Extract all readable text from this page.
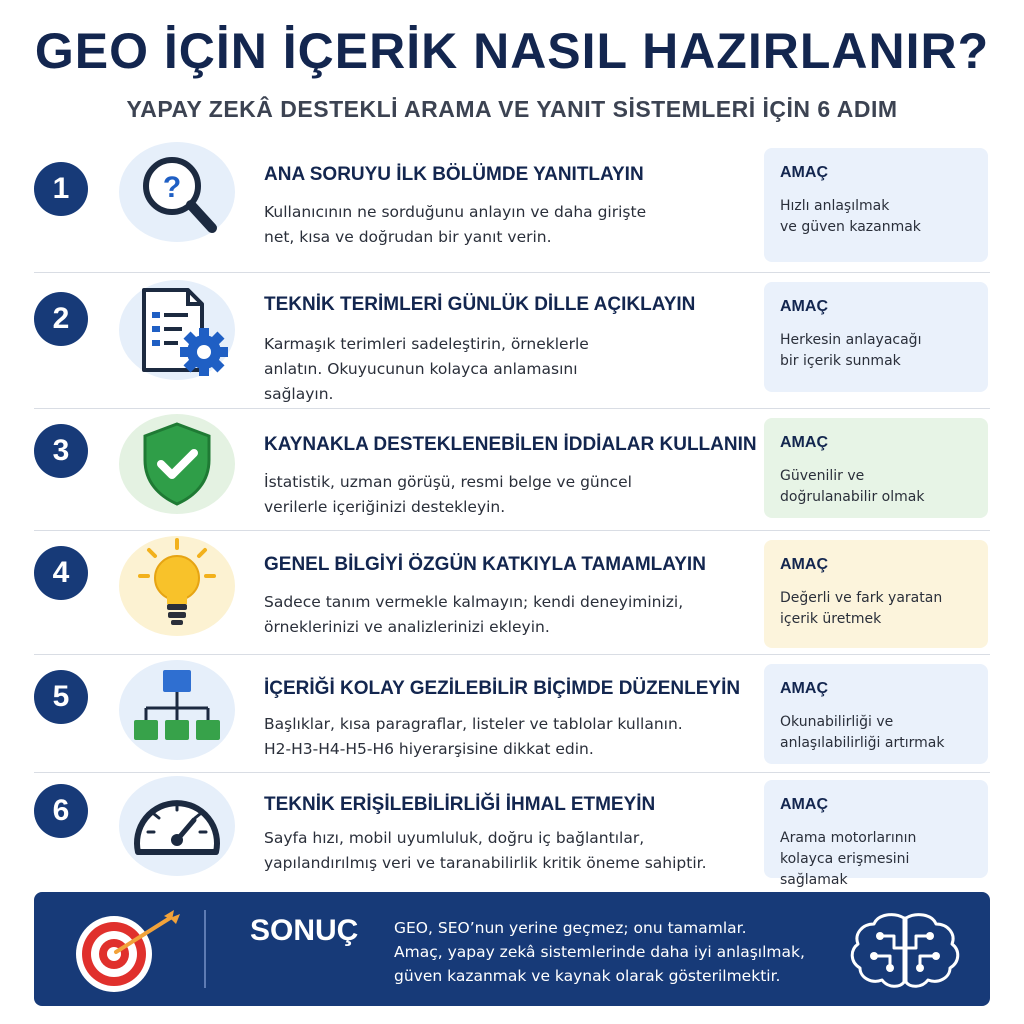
GEO İÇİN İÇERİK NASIL HAZIRLANIR?
YAPAY ZEKÂ DESTEKLİ ARAMA VE YANIT SİSTEMLERİ İÇİN 6 ADIM
1	?	ANA SORUYU İLK BÖLÜMDE YANITLAYIN
Kullanıcının ne sorduğunu anlayın ve daha girişte
net, kısa ve doğrudan bir yanıt verin.
AMAÇ
Hızlı anlaşılmak
ve güven kazanmak
2	TEKNİK TERİMLERİ GÜNLÜK DİLLE AÇIKLAYIN
Karmaşık terimleri sadeleştirin, örneklerle
anlatın. Okuyucunun kolayca anlamasını
sağlayın.
AMAÇ
Herkesin anlayacağı
bir içerik sunmak
3	KAYNAKLA DESTEKLENEBİLEN İDDİALAR KULLANIN
İstatistik, uzman görüşü, resmi belge ve güncel
verilerle içeriğinizi destekleyin.
AMAÇ
Güvenilir ve
doğrulanabilir olmak
4	GENEL BİLGİYİ ÖZGÜN KATKIYLA TAMAMLAYIN
Sadece tanım vermekle kalmayın; kendi deneyiminizi,
örneklerinizi ve analizlerinizi ekleyin.
AMAÇ
Değerli ve fark yaratan
içerik üretmek
5	İÇERİĞİ KOLAY GEZİLEBİLİR BİÇİMDE DÜZENLEYİN
Başlıklar, kısa paragraflar, listeler ve tablolar kullanın.
H2-H3-H4-H5-H6 hiyerarşisine dikkat edin.
AMAÇ
Okunabilirliği ve
anlaşılabilirliği artırmak
6	TEKNİK ERİŞİLEBİLİRLİĞİ İHMAL ETMEYİN
Sayfa hızı, mobil uyumluluk, doğru iç bağlantılar,
yapılandırılmış veri ve taranabilirlik kritik öneme sahiptir.
AMAÇ
Arama motorlarının
kolayca erişmesini sağlamak
SONUÇ GEO, SEO’nun yerine geçmez; onu tamamlar.
Amaç, yapay zekâ sistemlerinde daha iyi anlaşılmak,
güven kazanmak ve kaynak olarak gösterilmektir.
